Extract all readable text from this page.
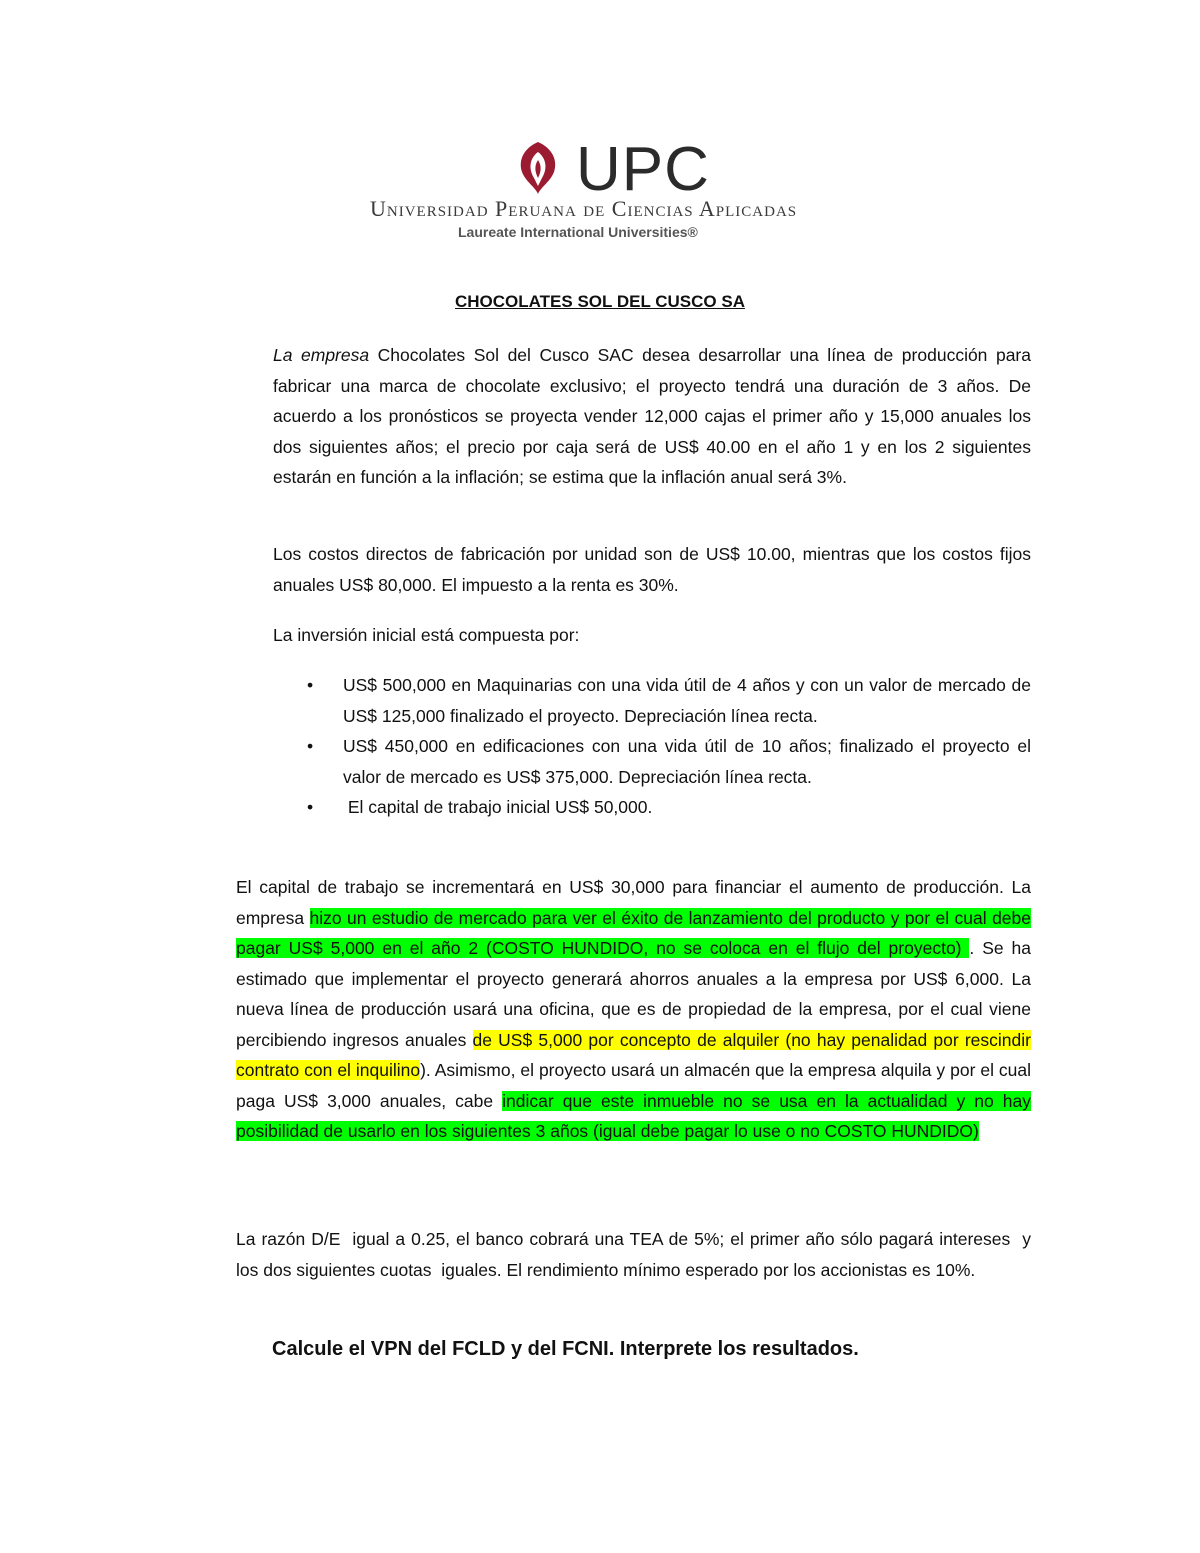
UPC
Universidad Peruana de Ciencias Aplicadas
Laureate International Universities®
CHOCOLATES SOL DEL CUSCO SA

La empresa Chocolates Sol del Cusco SAC desea desarrollar una línea de producción para fabricar una marca de chocolate exclusivo; el proyecto tendrá una duración de 3 años. De acuerdo a los pronósticos se proyecta vender 12,000 cajas el primer año y 15,000 anuales los dos siguientes años; el precio por caja será de US$ 40.00 en el año 1 y en los 2 siguientes estarán en función a la inflación; se estima que la inflación anual será 3%.

Los costos directos de fabricación por unidad son de US$ 10.00, mientras que los costos fijos anuales US$ 80,000. El impuesto a la renta es 30%.

La inversión inicial está compuesta por:

• US$ 500,000 en Maquinarias con una vida útil de 4 años y con un valor de mercado de US$ 125,000 finalizado el proyecto. Depreciación línea recta.
• US$ 450,000 en edificaciones con una vida útil de 10 años; finalizado el proyecto el valor de mercado es US$ 375,000. Depreciación línea recta.
• El capital de trabajo inicial US$ 50,000.

El capital de trabajo se incrementará en US$ 30,000 para financiar el aumento de producción. La empresa hizo un estudio de mercado para ver el éxito de lanzamiento del producto y por el cual debe pagar US$ 5,000 en el año 2 (COSTO HUNDIDO, no se coloca en el flujo del proyecto) . Se ha estimado que implementar el proyecto generará ahorros anuales a la empresa por US$ 6,000. La nueva línea de producción usará una oficina, que es de propiedad de la empresa, por el cual viene percibiendo ingresos anuales de US$ 5,000 por concepto de alquiler (no hay penalidad por rescindir contrato con el inquilino). Asimismo, el proyecto usará un almacén que la empresa alquila y por el cual paga US$ 3,000 anuales, cabe indicar que este inmueble no se usa en la actualidad y no hay posibilidad de usarlo en los siguientes 3 años (igual debe pagar lo use o no COSTO HUNDIDO)

La razón D/E  igual a 0.25, el banco cobrará una TEA de 5%; el primer año sólo pagará intereses  y  los dos siguientes cuotas  iguales. El rendimiento mínimo esperado por los accionistas es 10%.

Calcule el VPN del FCLD y del FCNI. Interprete los resultados.
